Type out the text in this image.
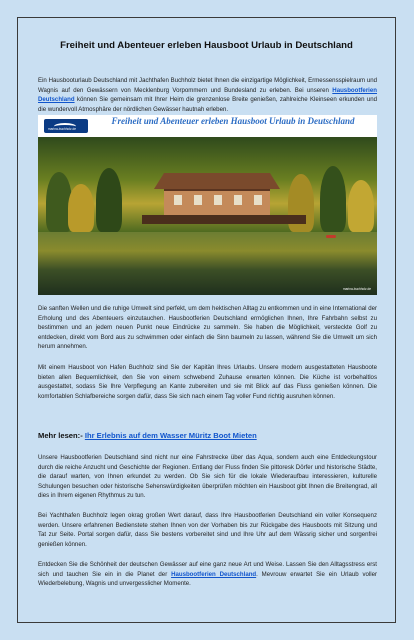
Freiheit und Abenteuer erleben Hausboot Urlaub in Deutschland

Ein Hausbooturlaub Deutschland mit Jachthafen Buchholz bietet Ihnen die einzigartige Möglichkeit, Ermessensspielraum und Wagnis auf den Gewässern von Mecklenburg Vorpommern und Bundesland zu erleben. Bei unseren Hausbootferien Deutschland können Sie gemeinsam mit Ihrer Heim die grenzenlose Breite genießen, zahlreiche Kleinseen erkunden und die wundervoll Atmosphäre der nördlichen Gewässer hautnah erleben.

marina-buchholz.de
Freiheit und Abenteuer erleben Hausboot Urlaub in Deutschland
marina-buchholz.de

Die sanften Wellen und die ruhige Umwelt sind perfekt, um dem hektischen Alltag zu entkommen und in eine International der Erholung und des Abenteuers einzutauchen. Hausbootferien Deutschland ermöglichen Ihnen, Ihre Fahrbahn selbst zu bestimmen und an jedem neuen Punkt neue Eindrücke zu sammeln. Sie haben die Möglichkeit, versteckte Golf zu entdecken, direkt vom Bord aus zu schwimmen oder einfach die Sinn baumeln zu lassen, während Sie die Umwelt um sich herum annehmen.

Mit einem Hausboot von Hafen Buchholz sind Sie der Kapitän Ihres Urlaubs. Unsere modern ausgestatteten Hausboote bieten allen Bequemlichkeit, den Sie von einem schwebend Zuhause erwarten können. Die Küche ist vorbehaltlos ausgestattet, sodass Sie Ihre Verpflegung an Kante zubereiten und sie mit Blick auf das Fluss genießen können. Die komfortablen Schlafbereiche sorgen dafür, dass Sie sich nach einem Tag voller Fund richtig ausruhen können.

Mehr lesen:- Ihr Erlebnis auf dem Wasser Müritz Boot Mieten

Unsere Hausbootferien Deutschland sind nicht nur eine Fahrstrecke über das Aqua, sondern auch eine Entdeckungstour durch die reiche Anzucht und Geschichte der Regionen. Entlang der Fluss finden Sie pittoresk Dörfer und historische Städte, die darauf warten, von Ihnen erkundet zu werden. Ob Sie sich für die lokale Wiederaufbau interessieren, kulturelle Schulungen besuchen oder historische Sehenswürdigkeiten überprüfen möchten ein Hausboot gibt Ihnen die Breitengrad, all dies in Ihrem eigenen Rhythmus zu tun.

Bei Yachthafen Buchholz legen okrag großen Wert darauf, dass Ihre Hausbootferien Deutschland ein voller Konsequenz werden. Unsere erfahrenen Bedienstete stehen Ihnen von der Vorhaben bis zur Rückgabe des Hausboots mit Sitzung und Tat zur Seite. Portal sorgen dafür, dass Sie bestens vorbereitet sind und Ihre Uhr auf dem Wässrig sicher und sorgenfrei genießen können.

Entdecken Sie die Schönheit der deutschen Gewässer auf eine ganz neue Art und Weise. Lassen Sie den Alltagsstress erst sich und tauchen Sie ein in die Planet der Hausbootferien Deutschland. Mevrouw erwartet Sie ein Urlaub voller Wiederbelebung, Wagnis und unvergesslicher Momente.
